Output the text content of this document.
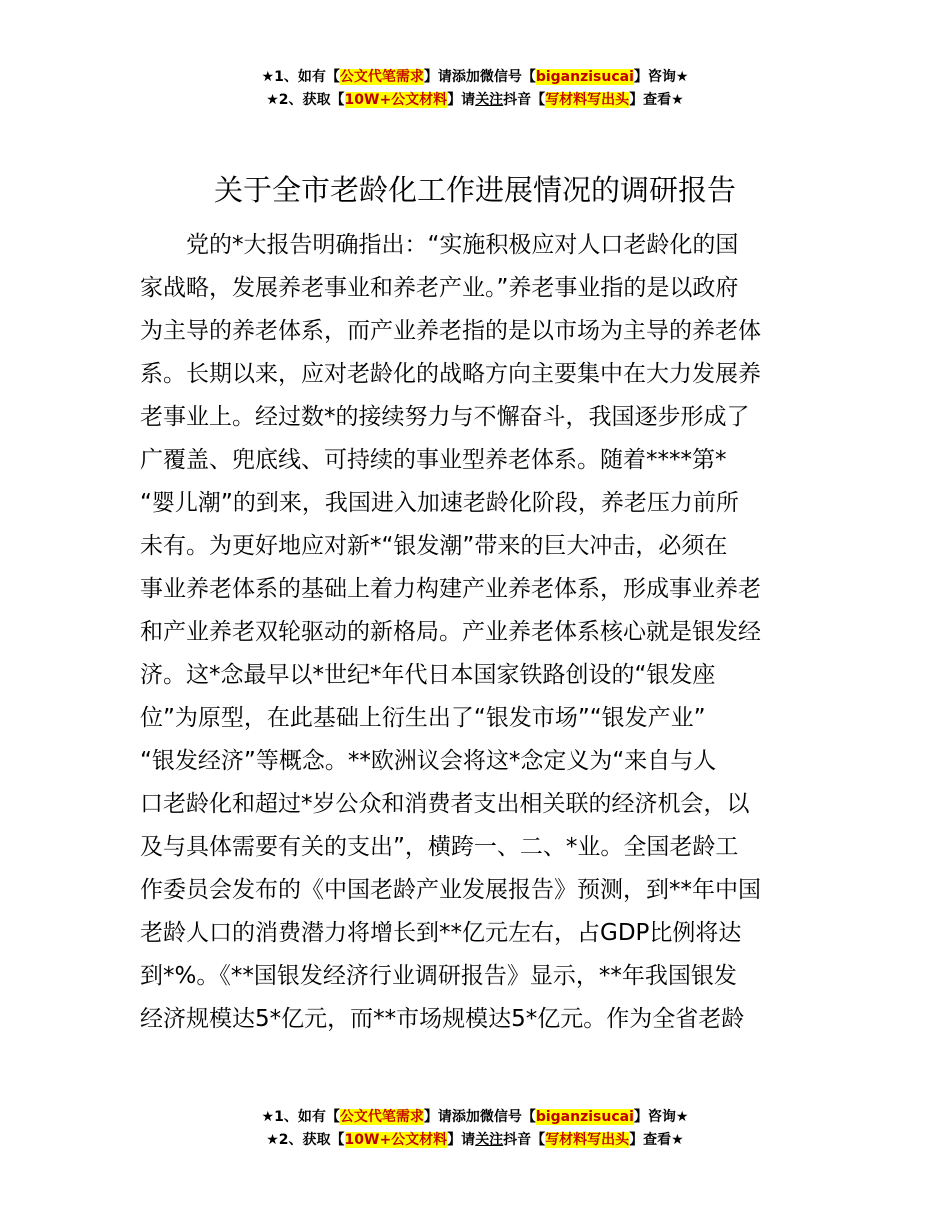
★1、如有【公文代笔需求】请添加微信号【biganzisucai】咨询★
★2、获取【10W+公文材料】请关注抖音【写材料写出头】查看★
关于全市老龄化工作进展情况的调研报告
党的*大报告明确指出：“实施积极应对人口老龄化的国
家战略，发展养老事业和养老产业。”养老事业指的是以政府
为主导的养老体系，而产业养老指的是以市场为主导的养老体
系。长期以来，应对老龄化的战略方向主要集中在大力发展养
老事业上。经过数*的接续努力与不懈奋斗，我国逐步形成了
广覆盖、兜底线、可持续的事业型养老体系。随着****第*
“婴儿潮”的到来，我国进入加速老龄化阶段，养老压力前所
未有。为更好地应对新*“银发潮”带来的巨大冲击，必须在
事业养老体系的基础上着力构建产业养老体系，形成事业养老
和产业养老双轮驱动的新格局。产业养老体系核心就是银发经
济。这*念最早以*世纪*年代日本国家铁路创设的“银发座
位”为原型，在此基础上衍生出了“银发市场”“银发产业”
“银发经济”等概念。**欧洲议会将这*念定义为“来自与人
口老龄化和超过*岁公众和消费者支出相关联的经济机会，以
及与具体需要有关的支出”，横跨一、二、*业。全国老龄工
作委员会发布的《中国老龄产业发展报告》预测，到**年中国
老龄人口的消费潜力将增长到**亿元左右，占GDP比例将达
到*%。《**国银发经济行业调研报告》显示，**年我国银发
经济规模达5*亿元，而**市场规模达5*亿元。作为全省老龄
★1、如有【公文代笔需求】请添加微信号【biganzisucai】咨询★
★2、获取【10W+公文材料】请关注抖音【写材料写出头】查看★
